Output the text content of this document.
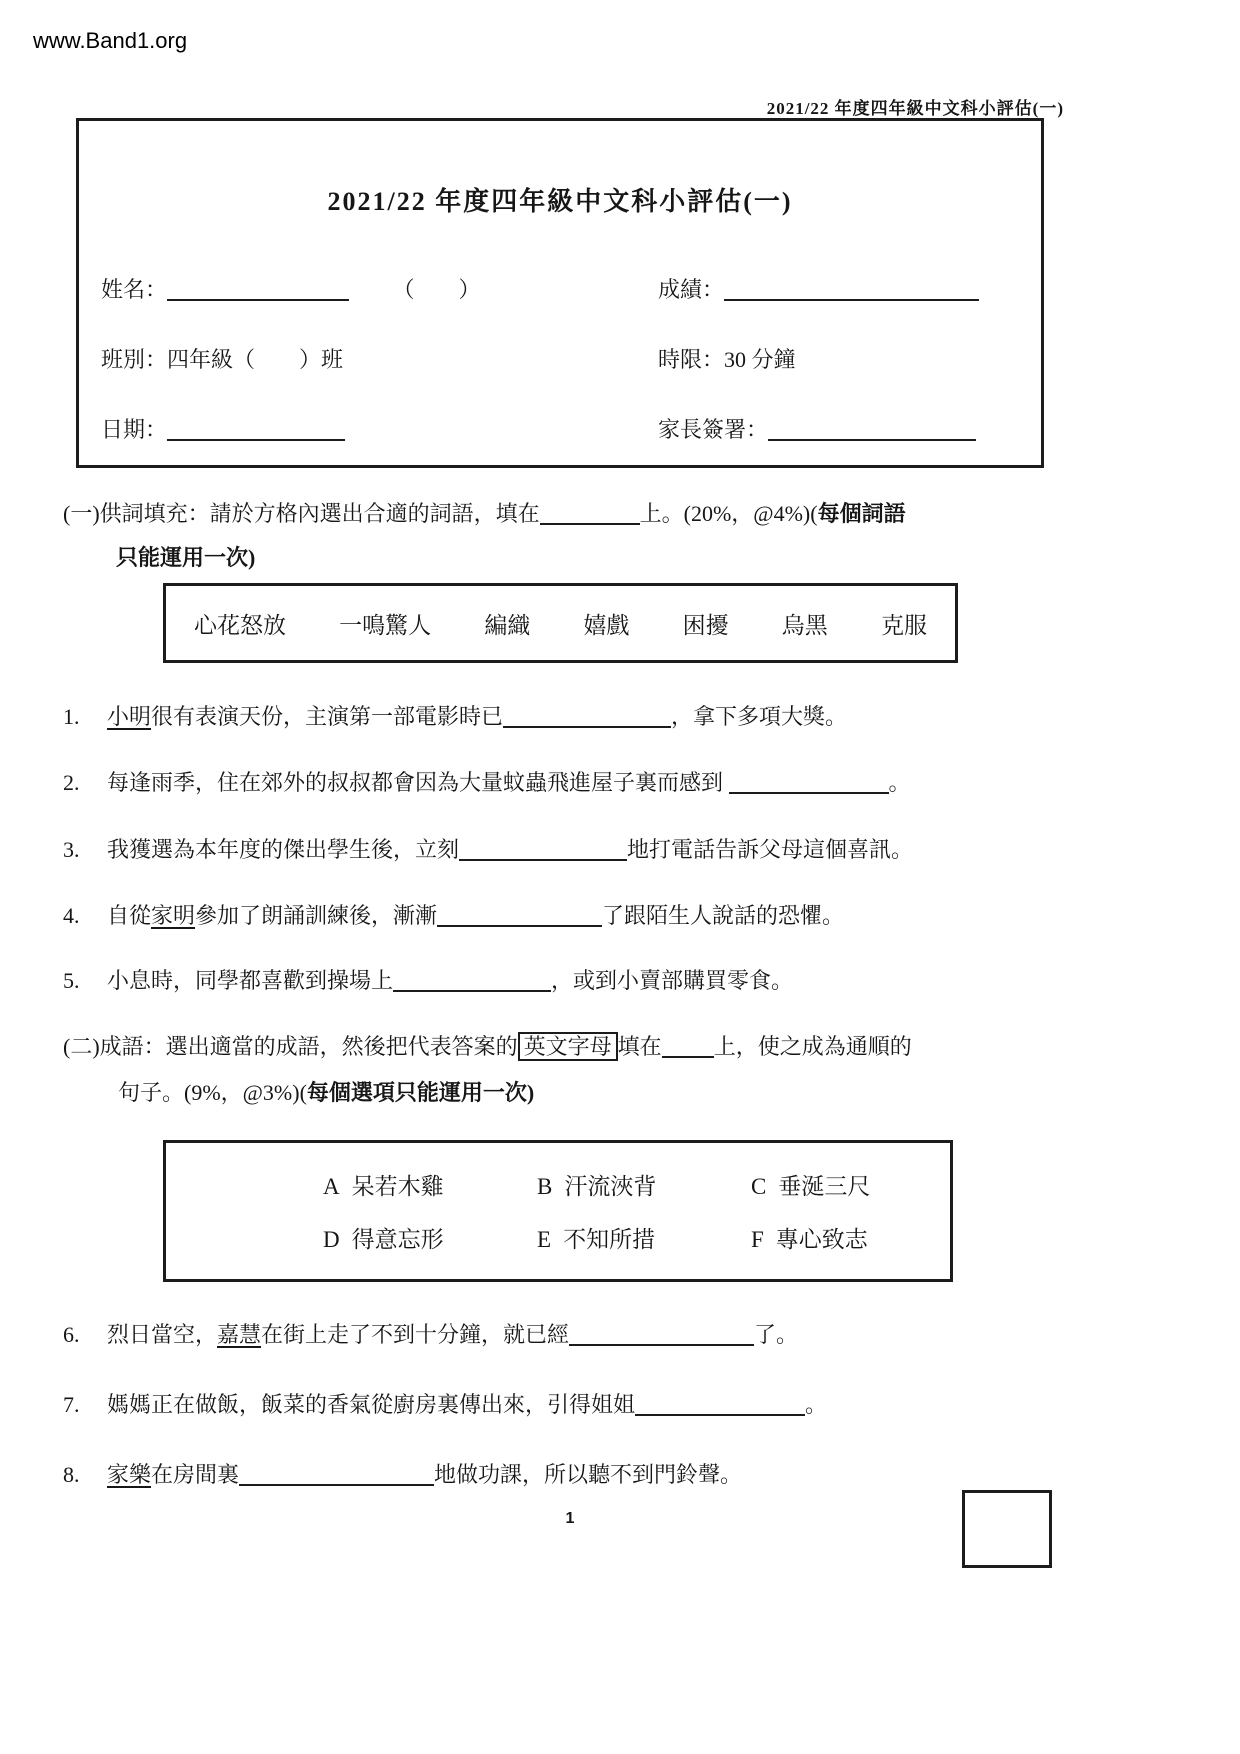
www.Band1.org
2021/22 年度四年級中文科小評估(一)
2021/22 年度四年級中文科小評估(一)
姓名：	（　　）	成績：
班別：四年級（　　）班	時限：30 分鐘
日期：	家長簽署：
(一)供詞填充：請於方格內選出合適的詞語，填在	上。(20%，@4%)(每個詞語
只能運用一次)
心花怒放 一鳴驚人 編織 嬉戲 困擾 烏黑 克服
1. 小明很有表演天份，主演第一部電影時已	，拿下多項大獎。
2. 每逢雨季，住在郊外的叔叔都會因為大量蚊蟲飛進屋子裏而感到	。
3. 我獲選為本年度的傑出學生後，立刻	地打電話告訴父母這個喜訊。
4. 自從家明參加了朗誦訓練後，漸漸	了跟陌生人說話的恐懼。
5. 小息時，同學都喜歡到操場上	，或到小賣部購買零食。
(二)成語：選出適當的成語，然後把代表答案的 英文字母 填在 上，使之成為通順的
句子。(9%，@3%)(每個選項只能運用一次)
A 呆若木雞	B 汗流浹背	C 垂涎三尺
D 得意忘形	E 不知所措	F 專心致志
6. 烈日當空，嘉慧在街上走了不到十分鐘，就已經	了。
7. 媽媽正在做飯，飯菜的香氣從廚房裏傳出來，引得姐姐	。
8. 家樂在房間裏	地做功課，所以聽不到門鈴聲。
1
